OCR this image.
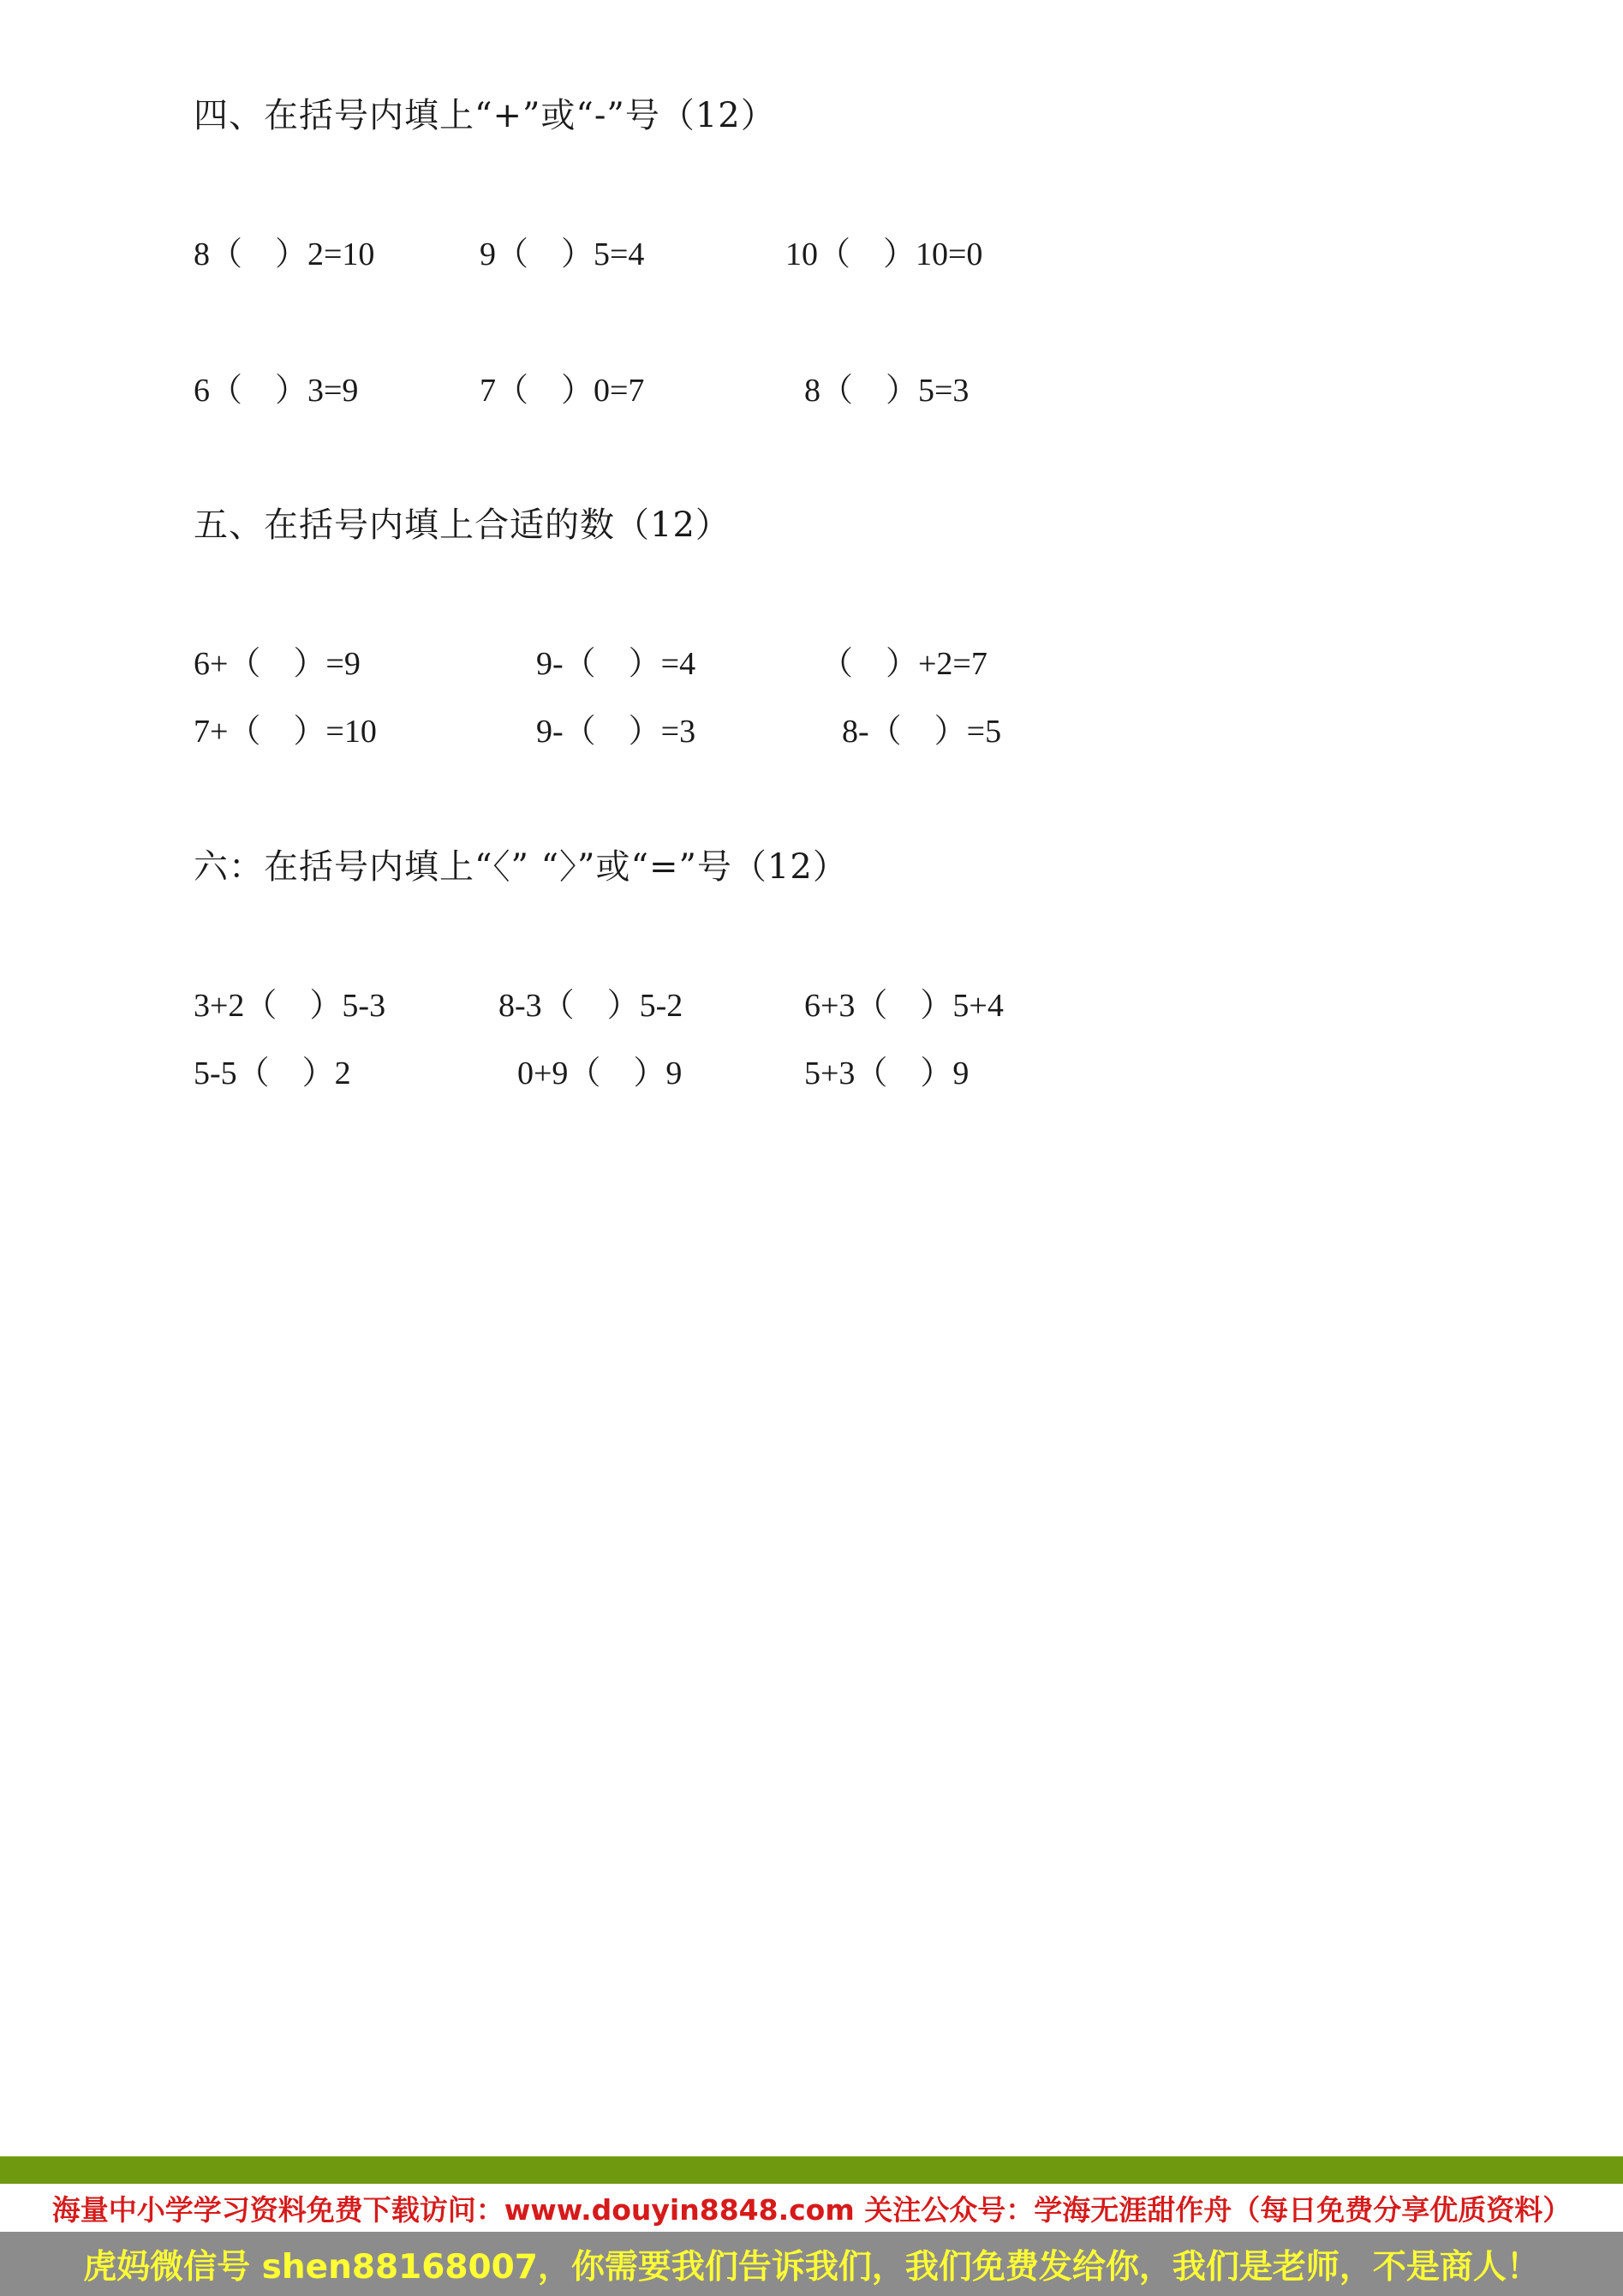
四、在括号内填上“+”或“-”号（12）
8（    ）2=10	9（    ）5=4	10（    ）10=0
6（    ）3=9	7（    ）0=7	8（    ）5=3
五、在括号内填上合适的数（12）
6+（    ）=9	9-（    ）=4	（    ）+2=7
7+（    ）=10	9-（    ）=3	8-（    ）=5
六：在括号内填上“〈” “〉”或“=”号（12）
3+2（    ）5-3	8-3（    ）5-2	6+3（    ）5+4
5-5（    ）2	0+9（    ）9	5+3（    ）9
海量中小学学习资料免费下载访问：www.douyin8848.com 关注公众号：学海无涯甜作舟（每日免费分享优质资料）
虎妈微信号 shen88168007，你需要我们告诉我们，我们免费发给你，我们是老师，不是商人！
